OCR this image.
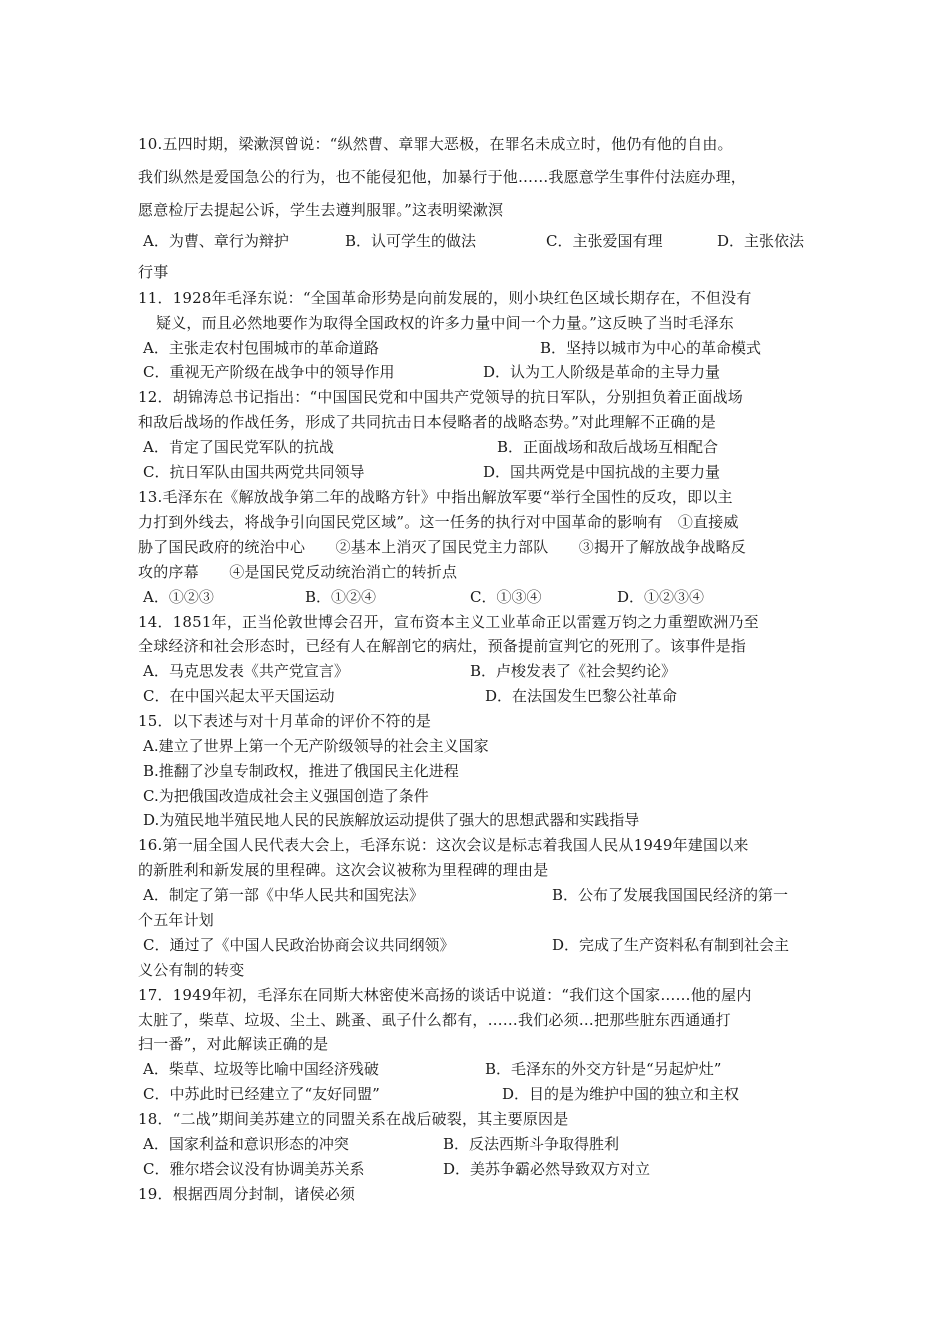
10.五四时期，梁漱溟曾说：“纵然曹、章罪大恶极，在罪名未成立时，他仍有他的自由。
我们纵然是爱国急公的行为，也不能侵犯他，加暴行于他……我愿意学生事件付法庭办理，
愿意检厅去提起公诉，学生去遵判服罪。”这表明梁漱溟
A．为曹、章行为辩护	B．认可学生的做法	C．主张爱国有理	D．主张依法
行事
11．1928年毛泽东说：“全国革命形势是向前发展的，则小块红色区域长期存在，不但没有
疑义，而且必然地要作为取得全国政权的许多力量中间一个力量。”这反映了当时毛泽东
A．主张走农村包围城市的革命道路	B．坚持以城市为中心的革命模式
C．重视无产阶级在战争中的领导作用	D．认为工人阶级是革命的主导力量
12．胡锦涛总书记指出：“中国国民党和中国共产党领导的抗日军队，分别担负着正面战场
和敌后战场的作战任务，形成了共同抗击日本侵略者的战略态势。”对此理解不正确的是
A．肯定了国民党军队的抗战	B．正面战场和敌后战场互相配合
C．抗日军队由国共两党共同领导	D．国共两党是中国抗战的主要力量
13.毛泽东在《解放战争第二年的战略方针》中指出解放军要“举行全国性的反攻，即以主
力打到外线去，将战争引向国民党区域”。这一任务的执行对中国革命的影响有　①直接威
胁了国民政府的统治中心　　②基本上消灭了国民党主力部队　　③揭开了解放战争战略反
攻的序幕　　④是国民党反动统治消亡的转折点
A．①②③	B．①②④	C．①③④	D．①②③④
14．1851年，正当伦敦世博会召开，宣布资本主义工业革命正以雷霆万钧之力重塑欧洲乃至
全球经济和社会形态时，已经有人在解剖它的病灶，预备提前宣判它的死刑了。该事件是指
A．马克思发表《共产党宣言》	B．卢梭发表了《社会契约论》
C．在中国兴起太平天国运动	D．在法国发生巴黎公社革命
15．以下表述与对十月革命的评价不符的是
A.建立了世界上第一个无产阶级领导的社会主义国家
B.推翻了沙皇专制政权，推进了俄国民主化进程
C.为把俄国改造成社会主义强国创造了条件
D.为殖民地半殖民地人民的民族解放运动提供了强大的思想武器和实践指导
16.第一届全国人民代表大会上，毛泽东说：这次会议是标志着我国人民从1949年建国以来
的新胜利和新发展的里程碑。这次会议被称为里程碑的理由是
A．制定了第一部《中华人民共和国宪法》	B．公布了发展我国国民经济的第一
个五年计划
C．通过了《中国人民政治协商会议共同纲领》	D．完成了生产资料私有制到社会主
义公有制的转变
17．1949年初，毛泽东在同斯大林密使米高扬的谈话中说道：“我们这个国家……他的屋内
太脏了，柴草、垃圾、尘土、跳蚤、虱子什么都有，……我们必须…把那些脏东西通通打
扫一番”，对此解读正确的是
A．柴草、垃圾等比喻中国经济残破	B．毛泽东的外交方针是“另起炉灶”
C．中苏此时已经建立了“友好同盟”	D．目的是为维护中国的独立和主权
18．“二战”期间美苏建立的同盟关系在战后破裂，其主要原因是
A．国家利益和意识形态的冲突	B．反法西斯斗争取得胜利
C．雅尔塔会议没有协调美苏关系	D．美苏争霸必然导致双方对立
19．根据西周分封制，诸侯必须
